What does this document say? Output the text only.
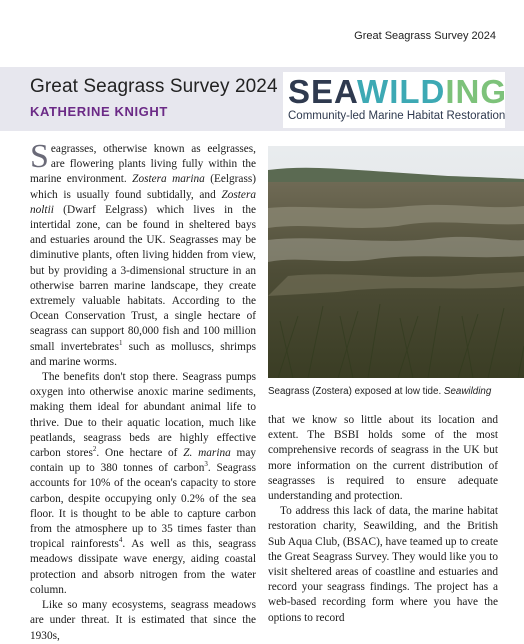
Great Seagrass Survey 2024
Great Seagrass Survey 2024
KATHERINE KNIGHT
SEAWILDING
Community-led Marine Habitat Restoration

Seagrasses, otherwise known as eelgrasses, are flowering plants living fully within the marine environment. Zostera marina (Eelgrass) which is usually found subtidally, and Zostera noltii (Dwarf Eelgrass) which lives in the intertidal zone, can be found in sheltered bays and estuaries around the UK. Seagrasses may be diminutive plants, often living hidden from view, but by providing a 3-dimensional structure in an otherwise barren marine landscape, they create extremely valuable habitats. According to the Ocean Conservation Trust, a single hectare of seagrass can support 80,000 fish and 100 million small invertebrates$^1$ such as molluscs, shrimps and marine worms.

The benefits don't stop there. Seagrass pumps oxygen into otherwise anoxic marine sediments, making them ideal for abundant animal life to thrive. Due to their aquatic location, much like peatlands, seagrass beds are highly effective carbon stores$^2$. One hectare of Z. marina may contain up to 380 tonnes of carbon$^3$. Seagrass accounts for 10% of the ocean's capacity to store carbon, despite occupying only 0.2% of the sea floor. It is thought to be able to capture carbon from the atmosphere up to 35 times faster than tropical rainforests$^4$. As well as this, seagrass meadows dissipate wave energy, aiding coastal protection and absorb nitrogen from the water column.

Like so many ecosystems, seagrass meadows are under threat. It is estimated that since the 1930s,

Seagrass (Zostera) exposed at low tide. Seawilding

that we know so little about its location and extent. The BSBI holds some of the most comprehensive records of seagrass in the UK but more information on the current distribution of seagrasses is required to ensure adequate understanding and protection.

To address this lack of data, the marine habitat restoration charity, Seawilding, and the British Sub Aqua Club, (BSAC), have teamed up to create the Great Seagrass Survey. They would like you to visit sheltered areas of coastline and estuaries and record your seagrass findings. The project has a web-based recording form where you have the options to record
